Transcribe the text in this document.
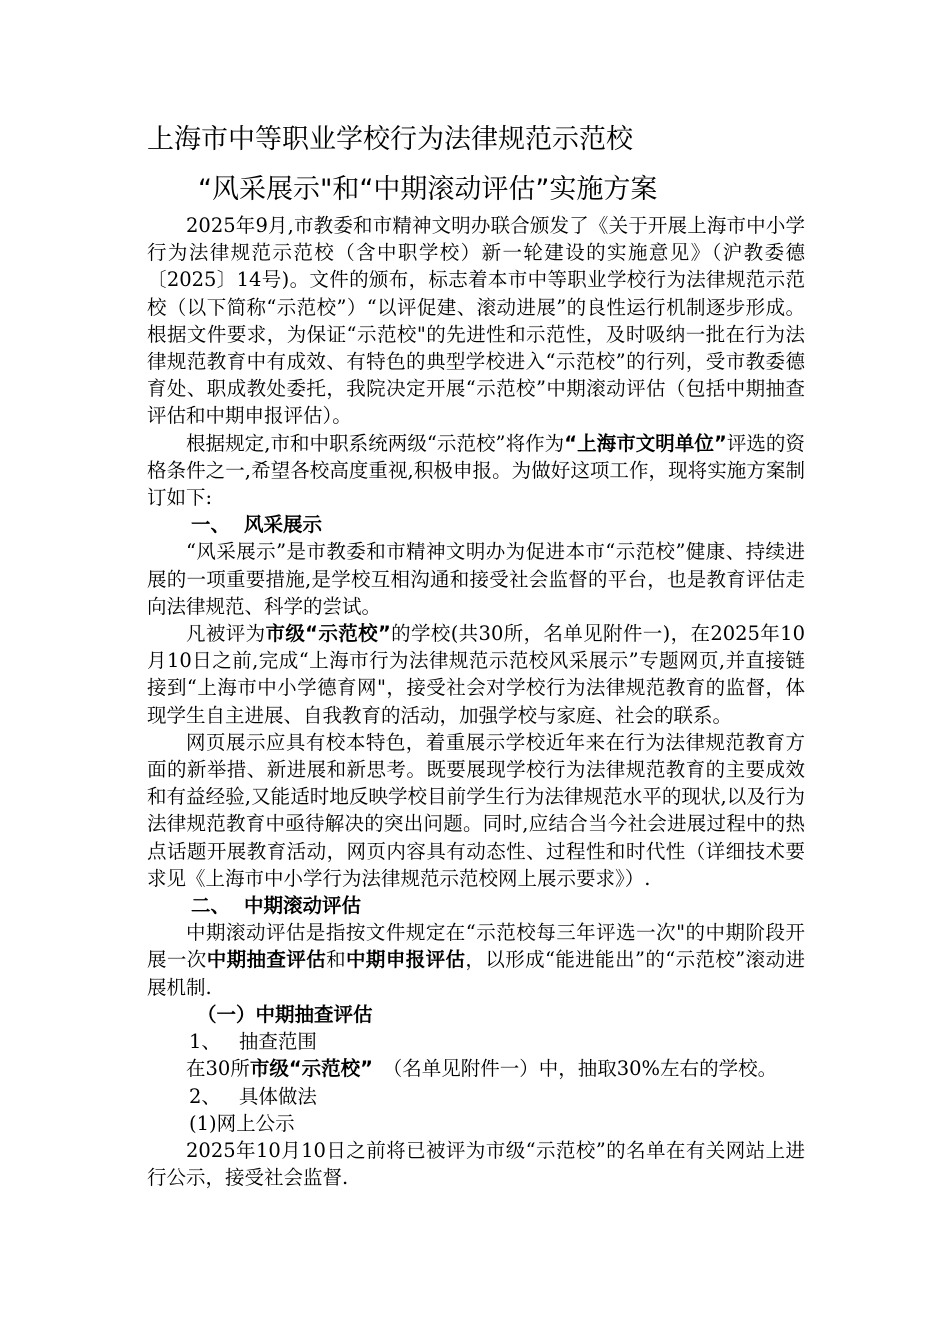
上海市中等职业学校行为法律规范示范校
“风采展示"和“中期滚动评估”实施方案

2025年9月,市教委和市精神文明办联合颁发了《关于开展上海市中小学行为法律规范示范校（含中职学校）新一轮建设的实施意见》（沪教委德〔2025〕14号)。文件的颁布，标志着本市中等职业学校行为法律规范示范校（以下简称“示范校”）“以评促建、滚动进展”的良性运行机制逐步形成。根据文件要求，为保证“示范校"的先进性和示范性，及时吸纳一批在行为法律规范教育中有成效、有特色的典型学校进入“示范校”的行列，受市教委德育处、职成教处委托，我院决定开展“示范校”中期滚动评估（包括中期抽查评估和中期申报评估）。

根据规定,市和中职系统两级“示范校”将作为“上海市文明单位”评选的资格条件之一,希望各校高度重视,积极申报。为做好这项工作，现将实施方案制订如下:

一、 风采展示

“风采展示”是市教委和市精神文明办为促进本市“示范校”健康、持续进展的一项重要措施,是学校互相沟通和接受社会监督的平台，也是教育评估走向法律规范、科学的尝试。

凡被评为市级“示范校”的学校(共30所，名单见附件一)，在2025年10月10日之前,完成“上海市行为法律规范示范校风采展示”专题网页,并直接链接到“上海市中小学德育网"，接受社会对学校行为法律规范教育的监督，体现学生自主进展、自我教育的活动，加强学校与家庭、社会的联系。

网页展示应具有校本特色，着重展示学校近年来在行为法律规范教育方面的新举措、新进展和新思考。既要展现学校行为法律规范教育的主要成效和有益经验,又能适时地反映学校目前学生行为法律规范水平的现状,以及行为法律规范教育中亟待解决的突出问题。同时,应结合当今社会进展过程中的热点话题开展教育活动，网页内容具有动态性、过程性和时代性（详细技术要求见《上海市中小学行为法律规范示范校网上展示要求》）.

二、 中期滚动评估

中期滚动评估是指按文件规定在“示范校每三年评选一次"的中期阶段开展一次中期抽查评估和中期申报评估，以形成“能进能出”的“示范校”滚动进展机制.

（一）中期抽查评估

1、 抽查范围

在30所市级“示范校”　 （名单见附件一）中，抽取30%左右的学校。

2、 具体做法

(1)网上公示

2025年10月10日之前将已被评为市级“示范校”的名单在有关网站上进行公示，接受社会监督.
